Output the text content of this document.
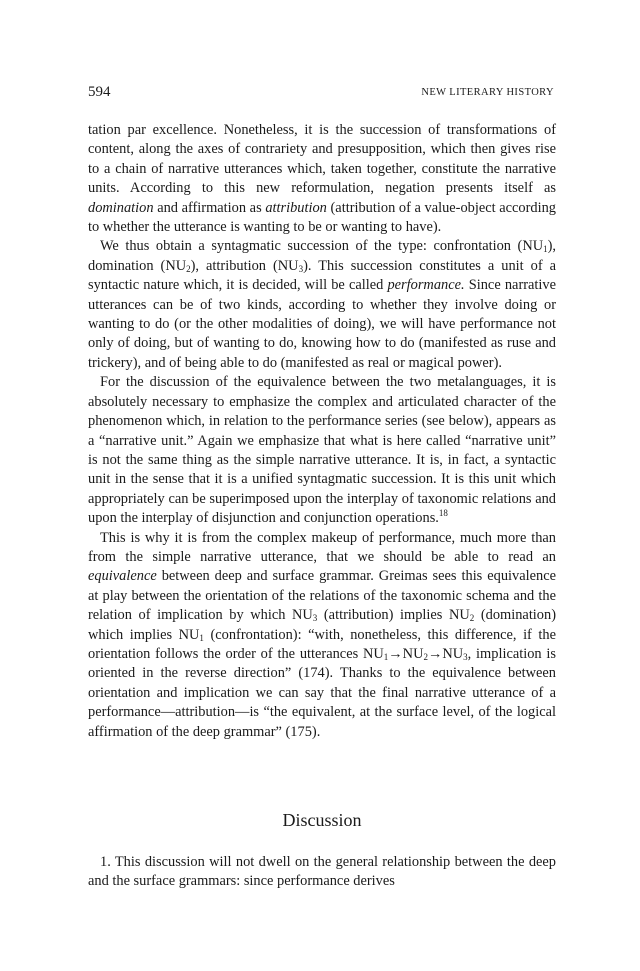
594	NEW LITERARY HISTORY

tation par excellence. Nonetheless, it is the succession of transformations of content, along the axes of contrariety and presupposition, which then gives rise to a chain of narrative utterances which, taken together, constitute the narrative units. According to this new reformulation, negation presents itself as domination and affirmation as attribution (attribution of a value-object according to whether the utterance is wanting to be or wanting to have).

We thus obtain a syntagmatic succession of the type: confrontation $(NU_1)$, domination $(NU_2)$, attribution $(NU_3)$. This succession constitutes a unit of a syntactic nature which, it is decided, will be called performance. Since narrative utterances can be of two kinds, according to whether they involve doing or wanting to do (or the other modalities of doing), we will have performance not only of doing, but of wanting to do, knowing how to do (manifested as ruse and trickery), and of being able to do (manifested as real or magical power).

For the discussion of the equivalence between the two metalanguages, it is absolutely necessary to emphasize the complex and articulated character of the phenomenon which, in relation to the performance series (see below), appears as a “narrative unit.” Again we emphasize that what is here called “narrative unit” is not the same thing as the simple narrative utterance. It is, in fact, a syntactic unit in the sense that it is a unified syntagmatic succession. It is this unit which appropriately can be superimposed upon the interplay of taxonomic relations and upon the interplay of disjunction and conjunction operations.$^{18}$

This is why it is from the complex makeup of performance, much more than from the simple narrative utterance, that we should be able to read an equivalence between deep and surface grammar. Greimas sees this equivalence at play between the orientation of the relations of the taxonomic schema and the relation of implication by which $NU_3$ (attribution) implies $NU_2$ (domination) which implies $NU_1$ (confrontation): “with, nonetheless, this difference, if the orientation follows the order of the utterances $NU_1\to NU_2\to NU_3$, implication is oriented in the reverse direction” (174). Thanks to the equivalence between orientation and implication we can say that the final narrative utterance of a performance—attribution—is “the equivalent, at the surface level, of the logical affirmation of the deep grammar” (175).

Discussion

1. This discussion will not dwell on the general relationship between the deep and the surface grammars: since performance derives
